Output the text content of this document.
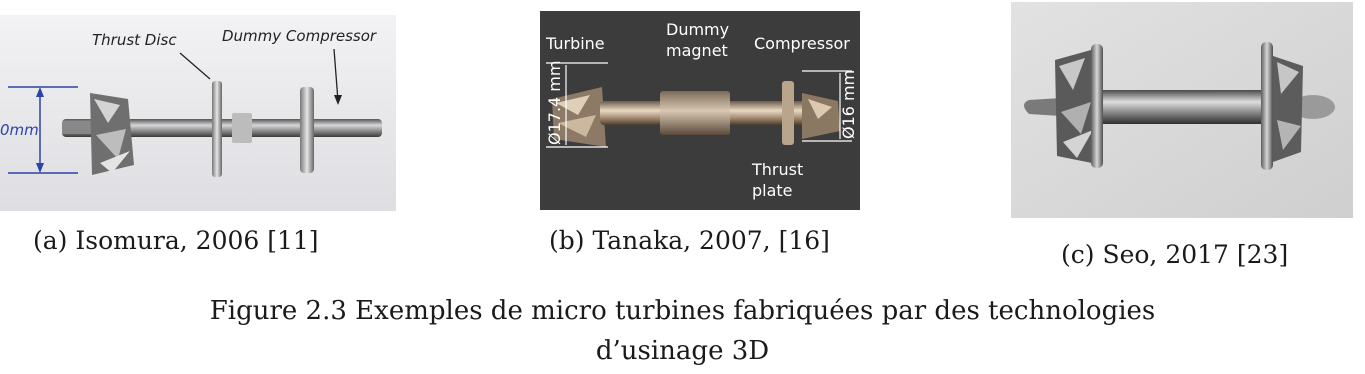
0mm
Thrust Disc	Dummy Compressor
(a) Isomura, 2006 [11]
Turbine
Dummy
magnet Compressor
Thrust
plate
Ø17.4 mm	Ø16 mm
(b) Tanaka, 2007, [16]	(c) Seo, 2017 [23]
Figure 2.3 Exemples de micro turbines fabriquées par des technologies
d’usinage 3D
